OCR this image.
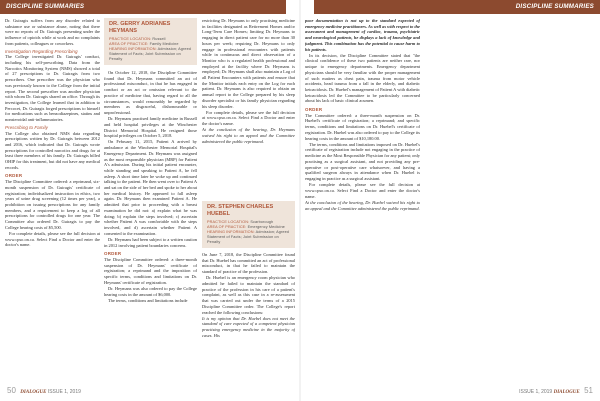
DISCIPLINE SUMMARIES	DISCIPLINE SUMMARIES

Dr. Guiragis suffers from any disorder related to substance use or substance abuse, noting that there were no reports of Dr. Guiragis presenting under the influence of opioids while at work and no complaints from patients, colleagues or coworkers.

Investigation Regarding Prescribing

The College investigated Dr. Guiragis' conduct, including his self-prescribing. Data from the Narcotics Monitoring System (NMS) showed a total of 27 prescriptions to Dr. Guiragis from two prescribers. One prescriber was the physician who was previously known to the College from the initial report. The second prescriber was another physician with whom Dr. Guiragis shared an office. Through its investigation, the College learned that in addition to Percocet, Dr. Guiragis forged prescriptions to himself for medications such as benzodiazepines, statins and nonsteroidal anti-inflammatories.

Prescribing to Family

The College also obtained NMS data regarding prescriptions written by Dr. Guiragis between 2012 and 2016, which indicated that Dr. Guiragis wrote prescriptions for controlled narcotics and drugs for at least three members of his family. Dr. Guiragis billed OHIP for this treatment, but did not have any medical records.

ORDER

The Discipline Committee ordered: a reprimand, six-month suspension of Dr. Guiragis' certificate of registration; individualized instruction in ethics, two years of urine drug screening (12 times per year), a prohibition on issuing prescriptions for any family members, and a requirement to keep a log of all prescriptions for controlled drugs for one year. The Committee also ordered Dr. Guiragis to pay the College hearing costs of $5,500.

For complete details, please see the full decision at www.cpso.on.ca. Select Find a Doctor and enter the doctor's name.

DR. GERRY ADRIANES HEYMANS
PRACTICE LOCATION: Russell
AREA OF PRACTICE: Family Medicine
HEARING INFORMATION: Admission; Agreed Statement of Facts; Joint Submission on Penalty

On October 12, 2018, the Discipline Committee found that Dr. Heymans committed an act of professional misconduct, in that he has engaged in conduct or an act or omission relevant to the practice of medicine that, having regard to all the circumstances, would reasonably be regarded by members as disgraceful, dishonourable or unprofessional.

Dr. Heymans practised family medicine in Russell and held hospital privileges at the Winchester District Memorial Hospital. He resigned those hospital privileges on October 5, 2018.

On February 11, 2015, Patient A arrived by ambulance at the Winchester Memorial Hospital's Emergency Department. Dr. Heymans was assigned as the most responsible physician (MRP) for Patient A's admission. During his initial patient encounter, while standing and speaking to Patient A, he fell asleep. A short time later he woke up and continued talking to the patient. He then went over to Patient A and sat on the side of her bed and spoke to her about her medical history. He appeared to fall asleep again. Dr. Heymans then examined Patient A. He admitted that prior to proceeding with a breast examination he did not: a) explain what he was doing; b) explain the steps involved; c) ascertain whether Patient A was comfortable with the steps involved, and d) ascertain whether Patient A consented to the examination.

Dr. Heymans had been subject to a written caution in 2012 involving patient boundaries concerns.

ORDER

The Discipline Committee ordered: a three-month suspension of Dr. Heymans' certificate of registration; a reprimand and the imposition of specific terms, conditions and limitations on Dr. Heymans' certificate of registration.

Dr. Heymans was also ordered to pay the College hearing costs in the amount of $6,000.

The terms, conditions and limitations include

restricting Dr. Heymans to only practising medicine in facilities designated as Retirement Homes and/or Long-Term Care Homes; limiting Dr. Heymans to engaging in direct patient care for no more than 30 hours per week; requiring Dr. Heymans to only engage in professional encounters with patients while in continuous and direct observation of a Monitor who is a regulated health professional and employed at the facility where Dr. Heymans is employed; Dr. Heymans shall also maintain a Log of all Patient Encounters with patients and ensure that the Monitor initials each entry on the Log for each patient. Dr. Heymans is also required to obtain an annual report to the College prepared by his sleep disorder specialist or his family physician regarding his sleep disorder.

For complete details, please see the full decision at www.cpso.on.ca. Select Find a Doctor and enter the doctor's name.

At the conclusion of the hearing, Dr. Heymans waived his right to an appeal and the Committee administered the public reprimand.

DR. STEPHEN CHARLES HUEBEL
PRACTICE LOCATION: Scarborough
AREA OF PRACTICE: Emergency Medicine
HEARING INFORMATION: Admission; Agreed Statement of Facts; Joint Submission on Penalty

On June 7, 2018, the Discipline Committee found that Dr. Huebel has committed an act of professional misconduct, in that he failed to maintain the standard of practice of the profession.

Dr. Huebel is an emergency room physician who admitted he failed to maintain the standard of practice of the profession in his care of a patient's complaint, as well as this case in a re-assessment that was carried out under the terms of a 2015 Discipline Committee order. The College's report reached the following conclusions:

It is my opinion that Dr. Huebel does not meet the standard of care expected of a competent physician practising emergency medicine in the majority of cases. His

poor documentation is not up to the standard expected of emergency medicine practitioners. As well as with respect to the assessment and management of cardiac, trauma, psychiatric and neurological patients, he displays a lack of knowledge and judgment. This combination has the potential to cause harm to his patients.

In its decision, the Discipline Committee stated that "the clinical confidence of these two patients are neither rare, nor unique to emergency departments. Emergency department physicians should be very familiar with the proper management of such matters as chest pain, trauma from motor vehicle accidents, head trauma from a fall in the elderly, and diabetic ketoacidosis. Dr. Huebel's management of Patient A with diabetic ketoacidosis led the Committee to be particularly concerned about his lack of basic clinical acumen.

ORDER

The Committee ordered: a three-month suspension on Dr. Huebel's certificate of registration; a reprimand; and specific terms, conditions and limitations on Dr. Huebel's certificate of registration. Dr. Huebel was also ordered to pay to the College its hearing costs in the amount of $10,180.00.

The terms, conditions and limitations imposed on Dr. Huebel's certificate of registration include not engaging in the practice of medicine as the Most Responsible Physician for any patient; only practising as a surgical assistant, and not providing any pre-operative or post-operative care whatsoever, and having a qualified surgeon always in attendance when Dr. Huebel is engaging in practice as a surgical assistant.

For complete details, please see the full decision at www.cpso.on.ca. Select Find a Doctor and enter the doctor's name.

At the conclusion of the hearing, Dr. Huebel waived his right to an appeal and the Committee administered the public reprimand.

50 DIALOGUE ISSUE 1, 2019	ISSUE 1, 2019 DIALOGUE 51
